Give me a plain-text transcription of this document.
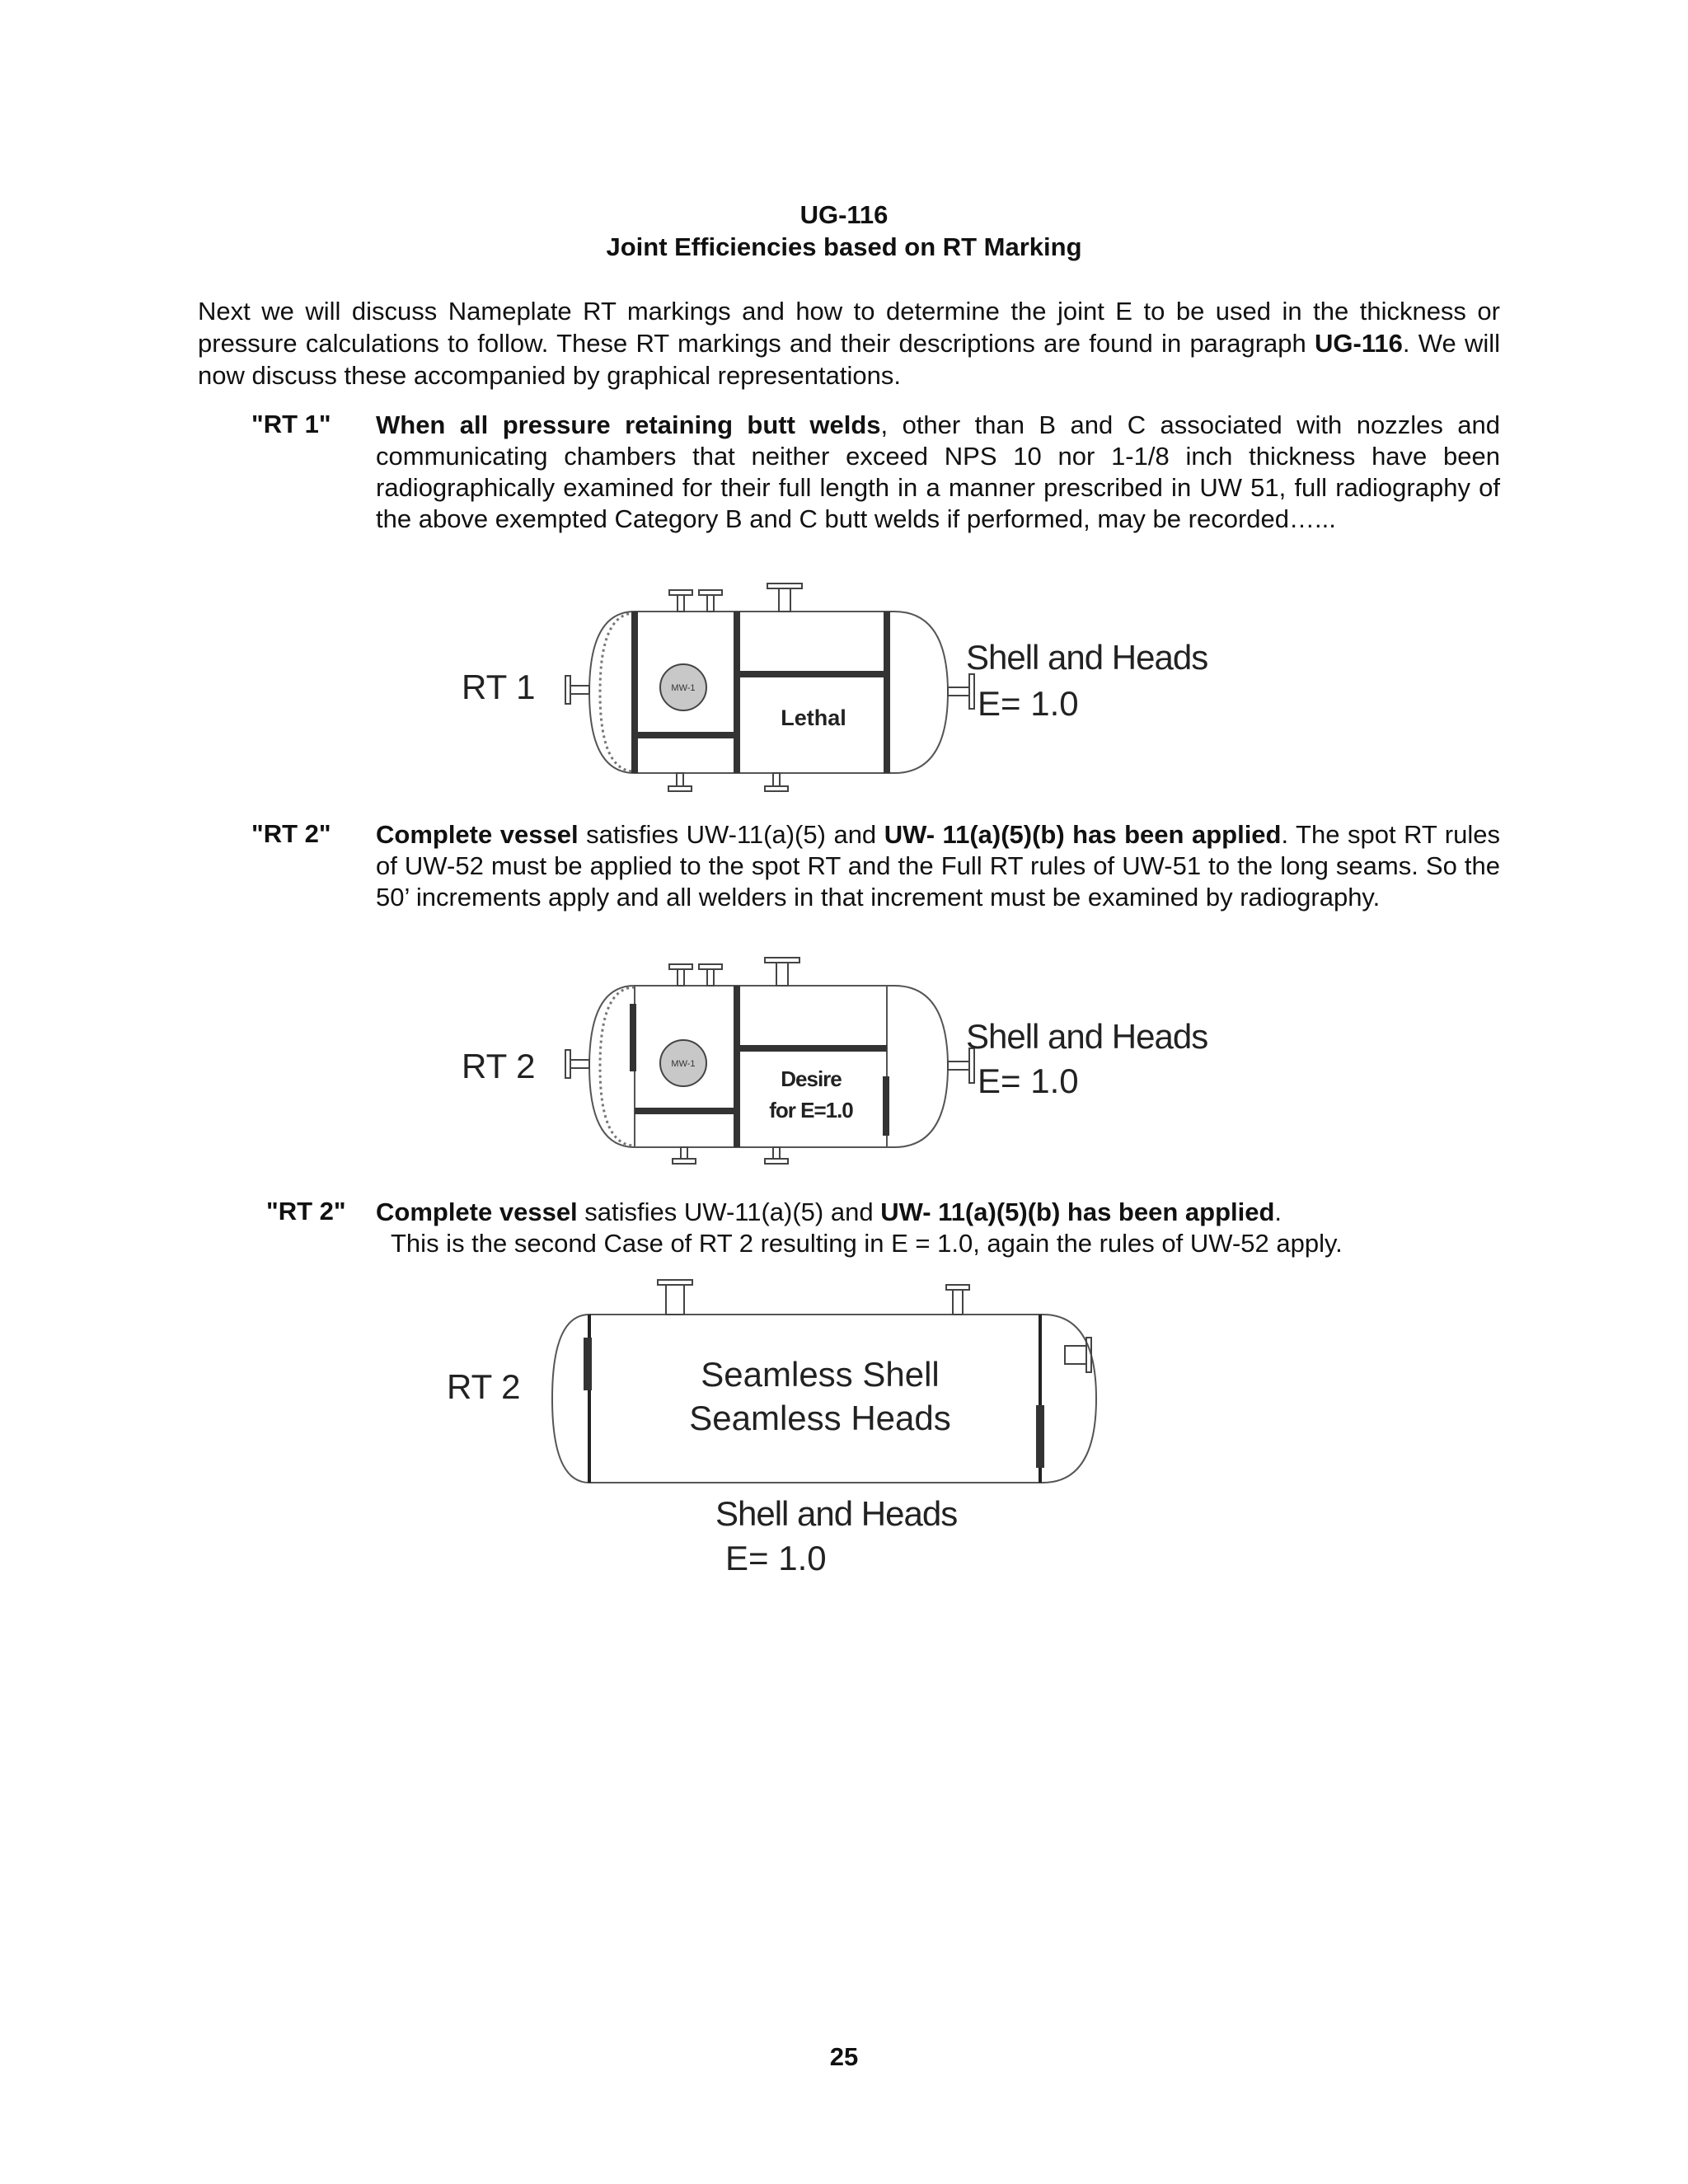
UG-116
Joint Efficiencies based on RT Marking
Next we will discuss Nameplate RT markings and how to determine the joint E to be used in the thickness or pressure calculations to follow. These RT markings and their descriptions are found in paragraph UG-116. We will now discuss these accompanied by graphical representations.
"RT 1" When all pressure retaining butt welds, other than B and C associated with nozzles and communicating chambers that neither exceed NPS 10 nor 1-1/8 inch thickness have been radiographically examined for their full length in a manner prescribed in UW 51, full radiography of the above exempted Category B and C butt welds if performed, may be recorded…...
MW-1
Lethal
RT 1
Shell and Heads
E= 1.0
"RT 2" Complete vessel satisfies UW-11(a)(5) and UW- 11(a)(5)(b) has been applied. The spot RT rules of UW-52 must be applied to the spot RT and the Full RT rules of UW-51 to the long seams. So the 50’ increments apply and all welders in that increment must be examined by radiography.
MW-1
Desire
for E=1.0
RT 2
Shell and Heads
E= 1.0
"RT 2" Complete vessel satisfies UW-11(a)(5) and UW- 11(a)(5)(b) has been applied.
This is the second Case of RT 2 resulting in E = 1.0, again the rules of UW-52 apply.
Seamless Shell
Seamless Heads
RT 2
Shell and Heads
E= 1.0
25
